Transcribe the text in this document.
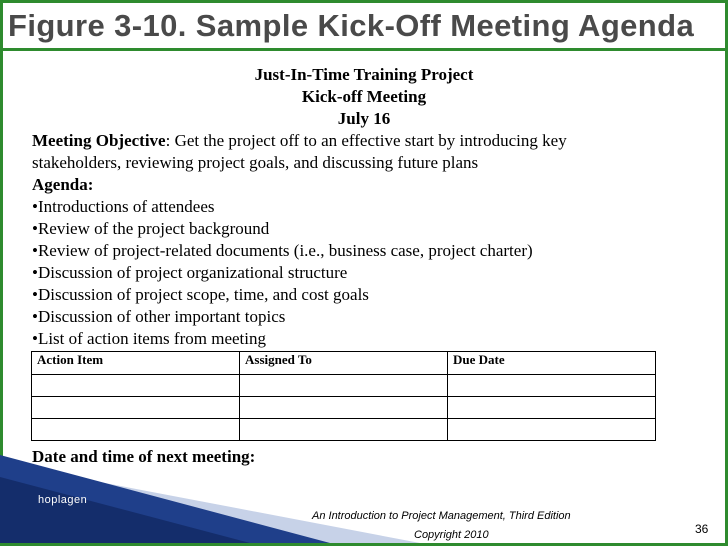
Figure 3-10. Sample Kick-Off Meeting Agenda
Just-In-Time Training Project
Kick-off Meeting
July 16
Meeting Objective: Get the project off to an effective start by introducing key
stakeholders, reviewing project goals, and discussing future plans
Agenda:
•Introductions of attendees
•Review of the project background
•Review of project-related documents (i.e., business case, project charter)
•Discussion of project organizational structure
•Discussion of project scope, time, and cost goals
•Discussion of other important topics
•List of action items from meeting
Action Item	Assigned To	Due Date

Date and time of next meeting:
hoplagen
An Introduction to Project Management, Third Edition
Copyright 2010	36
